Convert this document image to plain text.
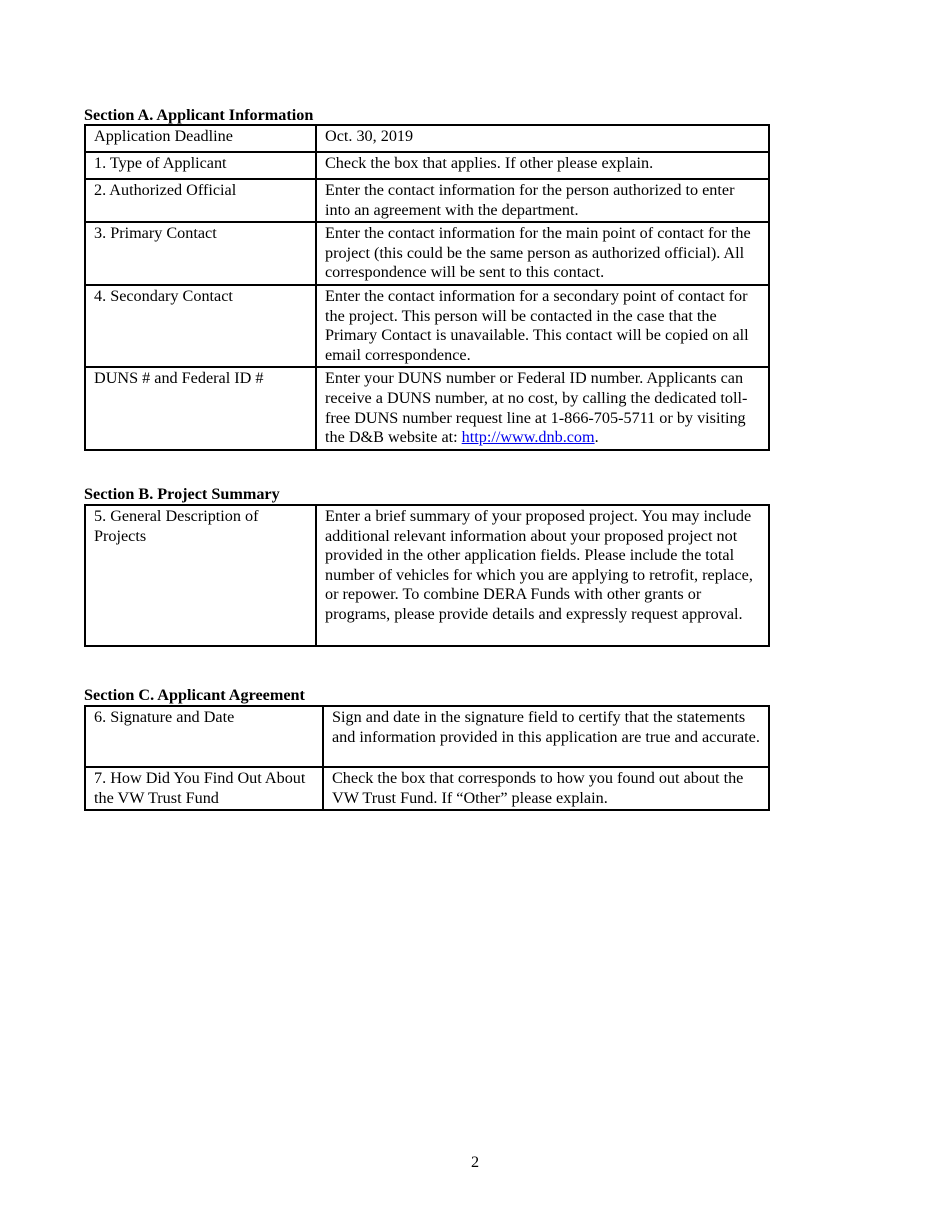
Section A. Applicant Information
Application Deadline	Oct. 30, 2019
1. Type of Applicant	Check the box that applies. If other please explain.
2. Authorized Official	Enter the contact information for the person authorized to enter into an agreement with the department.
3. Primary Contact	Enter the contact information for the main point of contact for the project (this could be the same person as authorized official). All correspondence will be sent to this contact.
4. Secondary Contact	Enter the contact information for a secondary point of contact for the project. This person will be contacted in the case that the Primary Contact is unavailable. This contact will be copied on all email correspondence.
DUNS # and Federal ID #	Enter your DUNS number or Federal ID number. Applicants can receive a DUNS number, at no cost, by calling the dedicated toll-free DUNS number request line at 1-866-705-5711 or by visiting the D&B website at: http://www.dnb.com.
Section B. Project Summary
5. General Description of Projects	Enter a brief summary of your proposed project. You may include additional relevant information about your proposed project not provided in the other application fields. Please include the total number of vehicles for which you are applying to retrofit, replace, or repower. To combine DERA Funds with other grants or programs, please provide details and expressly request approval.
Section C. Applicant Agreement
6. Signature and Date	Sign and date in the signature field to certify that the statements and information provided in this application are true and accurate.
7. How Did You Find Out About the VW Trust Fund	Check the box that corresponds to how you found out about the VW Trust Fund. If “Other” please explain.
2
